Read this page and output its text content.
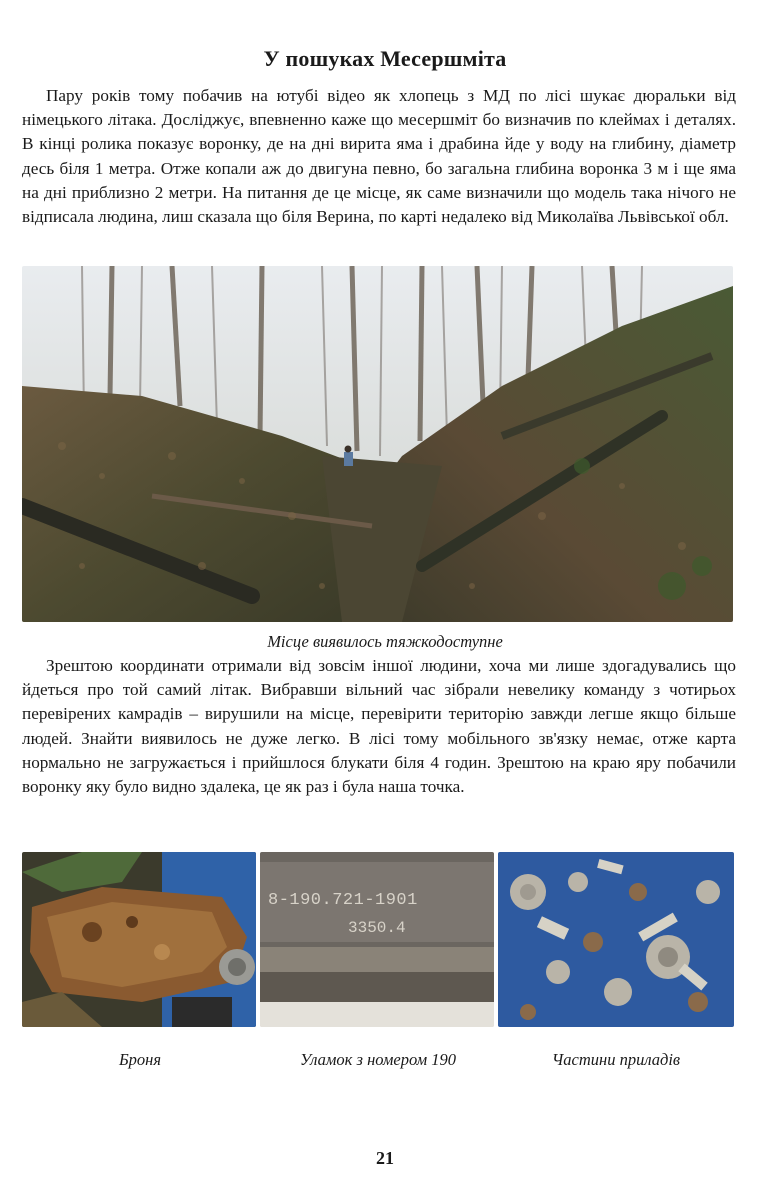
У пошуках Месершміта

Пару років тому побачив на ютубі відео як хлопець з МД по лісі шукає дюральки від німецького літака. Досліджує, впевненно каже що месершміт бо визначив по клеймах і деталях. В кінці ролика показує воронку, де на дні вирита яма і драбина йде у воду на глибину, діаметр десь біля 1 метра. Отже копали аж до двигуна певно, бо загальна глибина воронка 3 м і ще яма на дні приблизно 2 метри. На питання де це місце, як саме визначили що модель така нічого не відписала людина, лиш сказала що біля Верина, по карті недалеко від Миколаїва Львівської обл.

Місце виявилось тяжкодоступне

Зрештою координати отримали від зовсім іншої людини, хоча ми лише здогадувались що йдеться про той самий літак. Вибравши вільний час зібрали невелику команду з чотирьох перевірених камрадів – вирушили на місце, перевірити територію завжди легше якщо більше людей. Знайти виявилось не дуже легко. В лісі тому мобільного зв'язку немає, отже карта нормально не загружається і прийшлося блукати біля 4 годин. Зрештою на краю яру побачили воронку яку було видно здалека, це як раз і була наша точка.

8-190.721-1901
3350.4
Броня	Уламок з номером 190	Частини приладів
21
